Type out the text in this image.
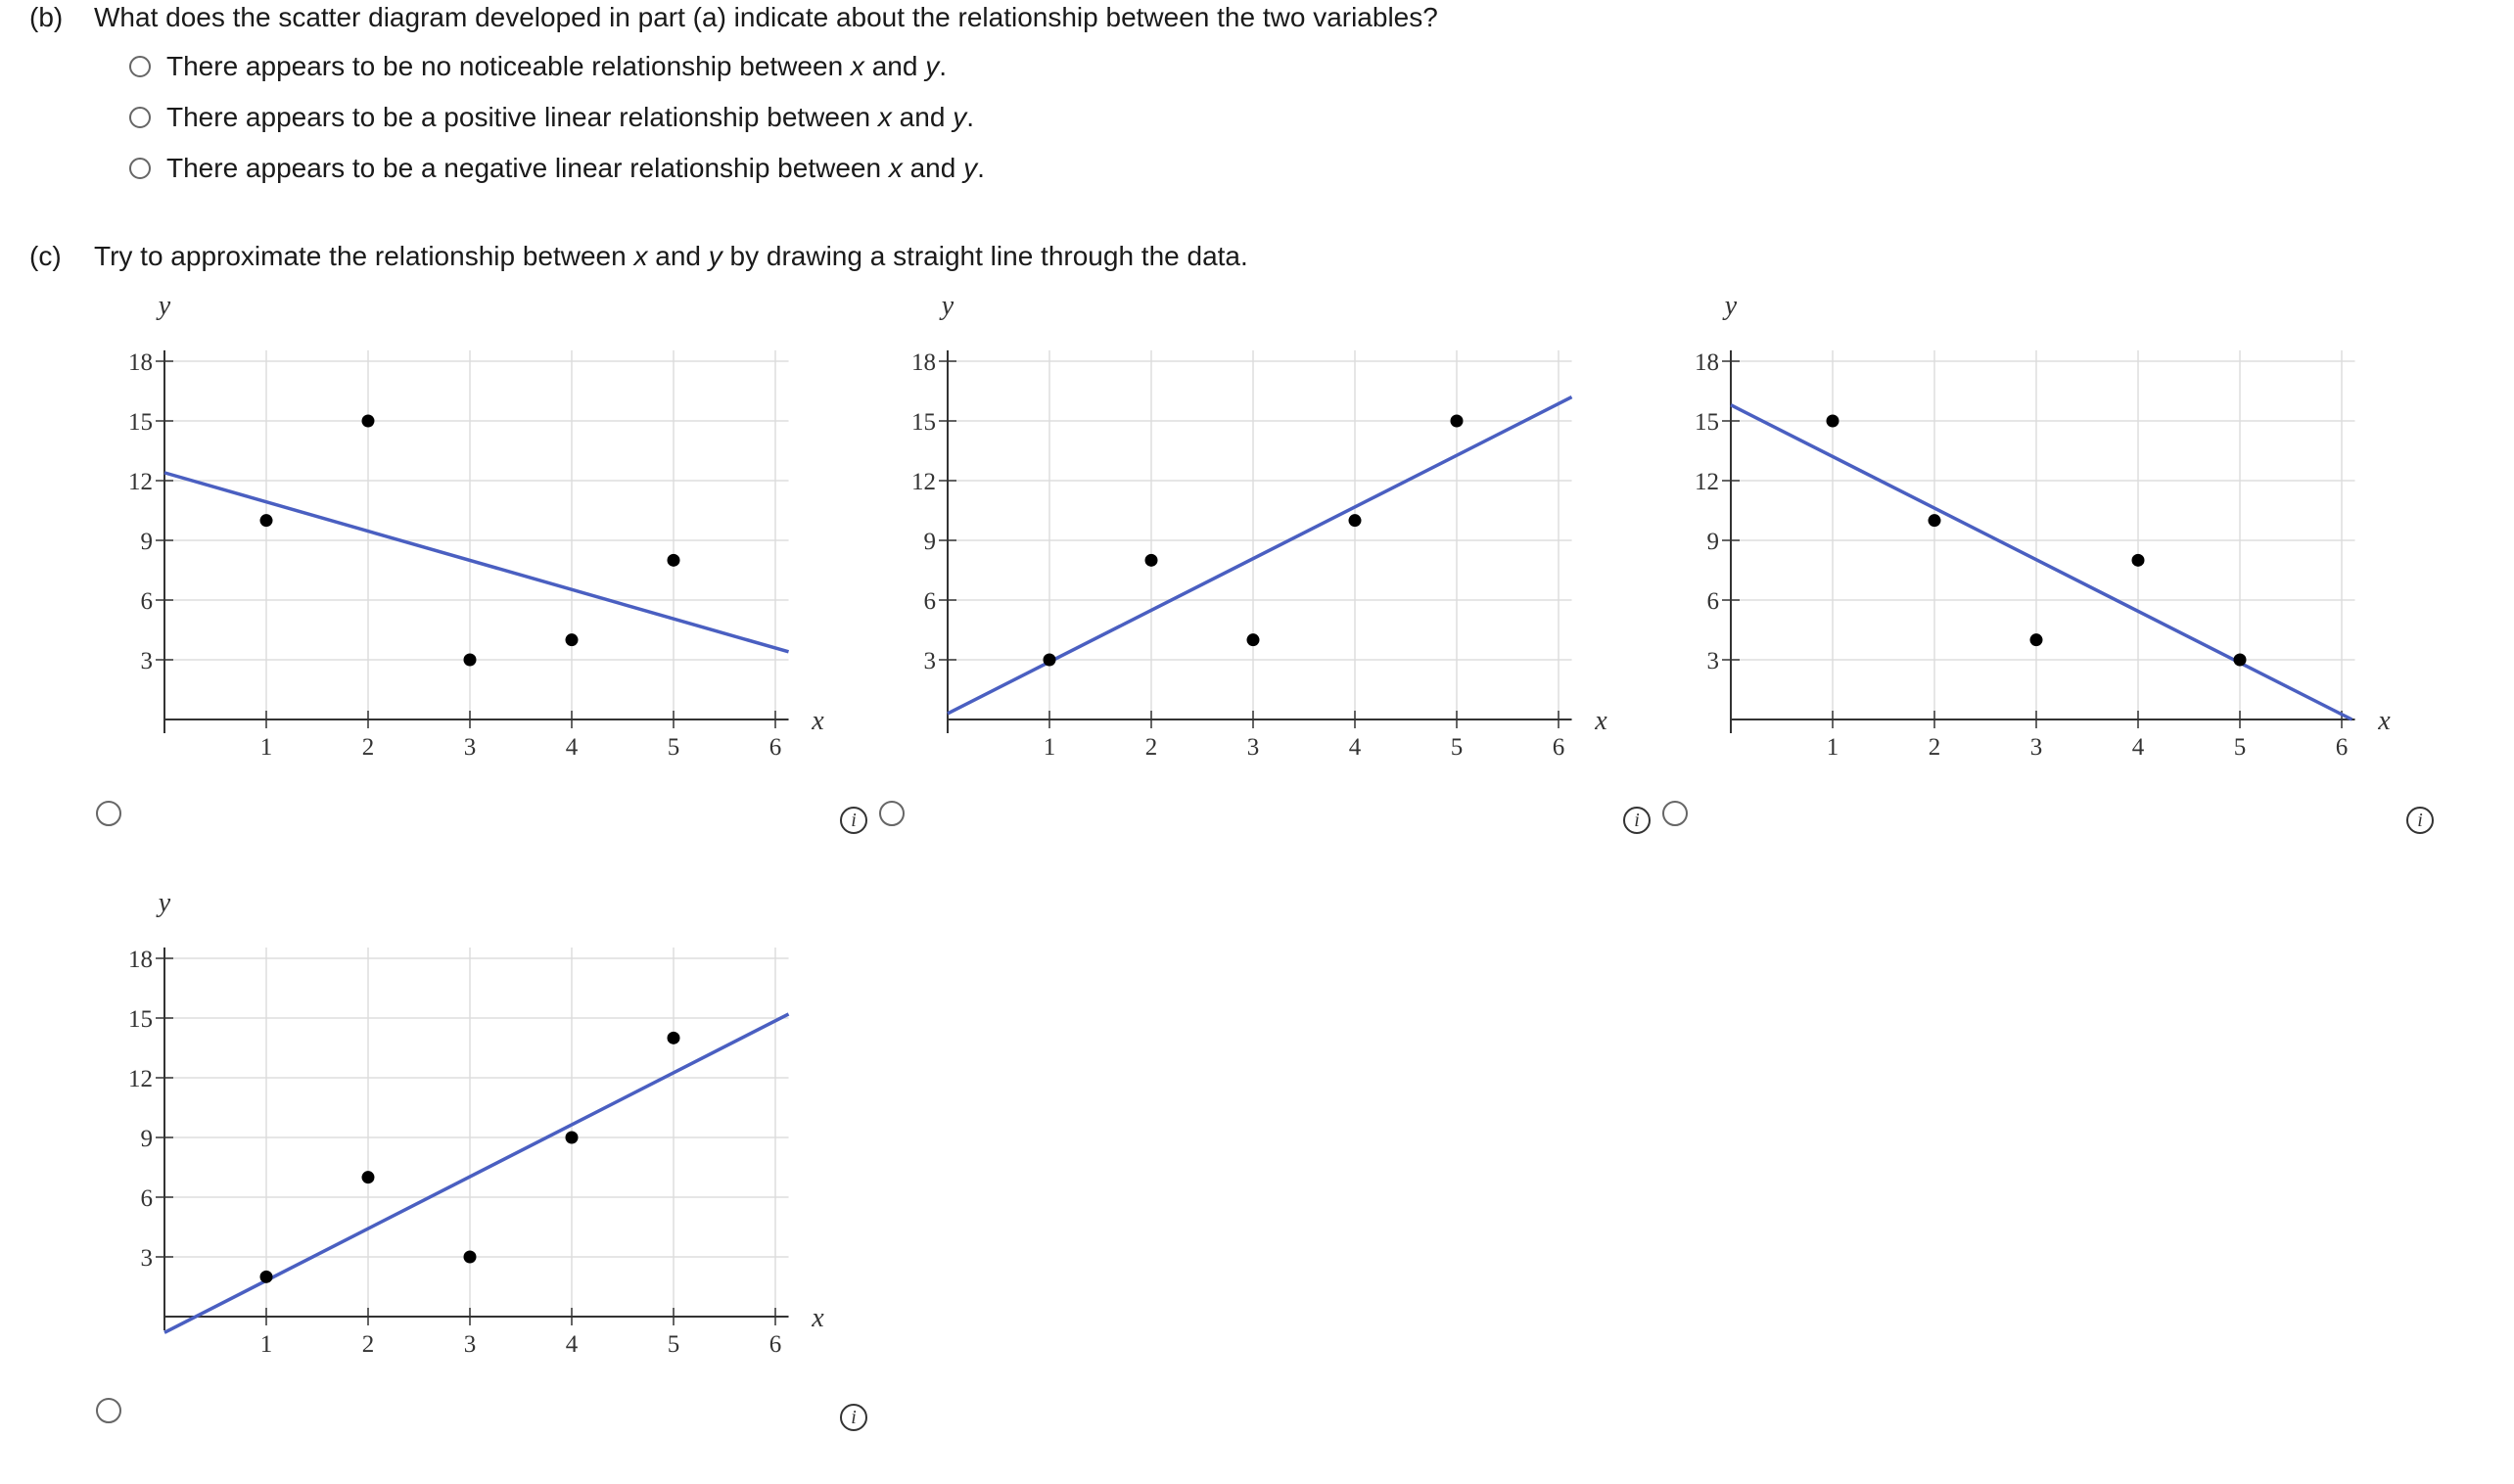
(b) What does the scatter diagram developed in part (a) indicate about the relationship between the two variables?
There appears to be no noticeable relationship between x and y.
There appears to be a positive linear relationship between x and y.
There appears to be a negative linear relationship between x and y.
(c) Try to approximate the relationship between x and y by drawing a straight line through the data.
1	2	3	4	5	6
3
6
9
12
15
18
x
y
1	2	3	4	5	6
3
6
9
12
15
18
x
y
1	2	3	4	5	6
3
6
9
12
15
18
x
y
1	2	3	4	5	6
3
6
9
12
15
18
x
y
i	i	i
i
